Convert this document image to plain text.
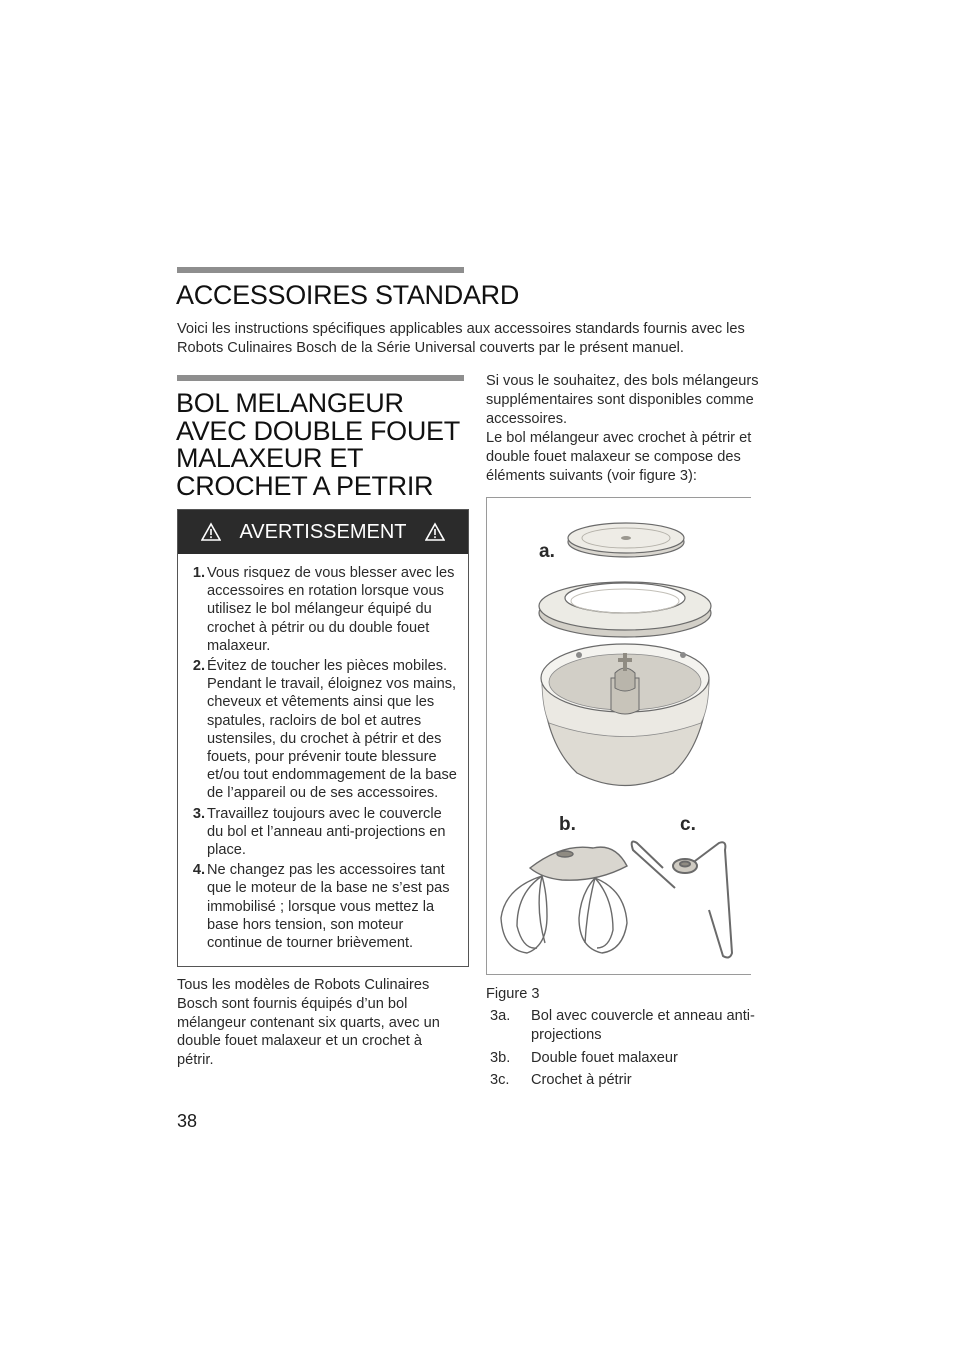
ACCESSOIRES STANDARD
Voici les instructions spécifiques applicables aux accessoires standards fournis avec les Robots Culinaires Bosch de la Série Universal couverts par le présent manuel.
BOL MELANGEUR
AVEC DOUBLE FOUET
MALAXEUR ET
CROCHET A PETRIR
AVERTISSEMENT
1. Vous risquez de vous blesser avec les accessoires en rotation lorsque vous utilisez le bol mélangeur équipé du crochet à pétrir ou du double fouet malaxeur.
2. Évitez de toucher les pièces mobiles. Pendant le travail, éloignez vos mains, cheveux et vêtements ainsi que les spatules, racloirs de bol et autres ustensiles, du crochet à pétrir et des fouets, pour prévenir toute blessure et/ou tout endommagement de la base de l’appareil ou de ses accessoires.
3. Travaillez toujours avec le couvercle du bol et l’anneau anti-projections en place.
4. Ne changez pas les accessoires tant que le moteur de la base ne s’est pas immobilisé ; lorsque vous mettez la base hors tension, son moteur continue de tourner brièvement.
Tous les modèles de Robots Culinaires Bosch sont fournis équipés d’un bol mélangeur contenant six quarts, avec un double fouet malaxeur et un crochet à pétrir.
Si vous le souhaitez, des bols mélangeurs supplémentaires sont disponibles comme accessoires.
Le bol mélangeur avec crochet à pétrir et double fouet malaxeur se compose des éléments suivants (voir figure 3):
a.
b.	c.
Figure 3
3a.	Bol avec couvercle et anneau anti-projections
3b.	Double fouet malaxeur
3c.	Crochet à pétrir
38
